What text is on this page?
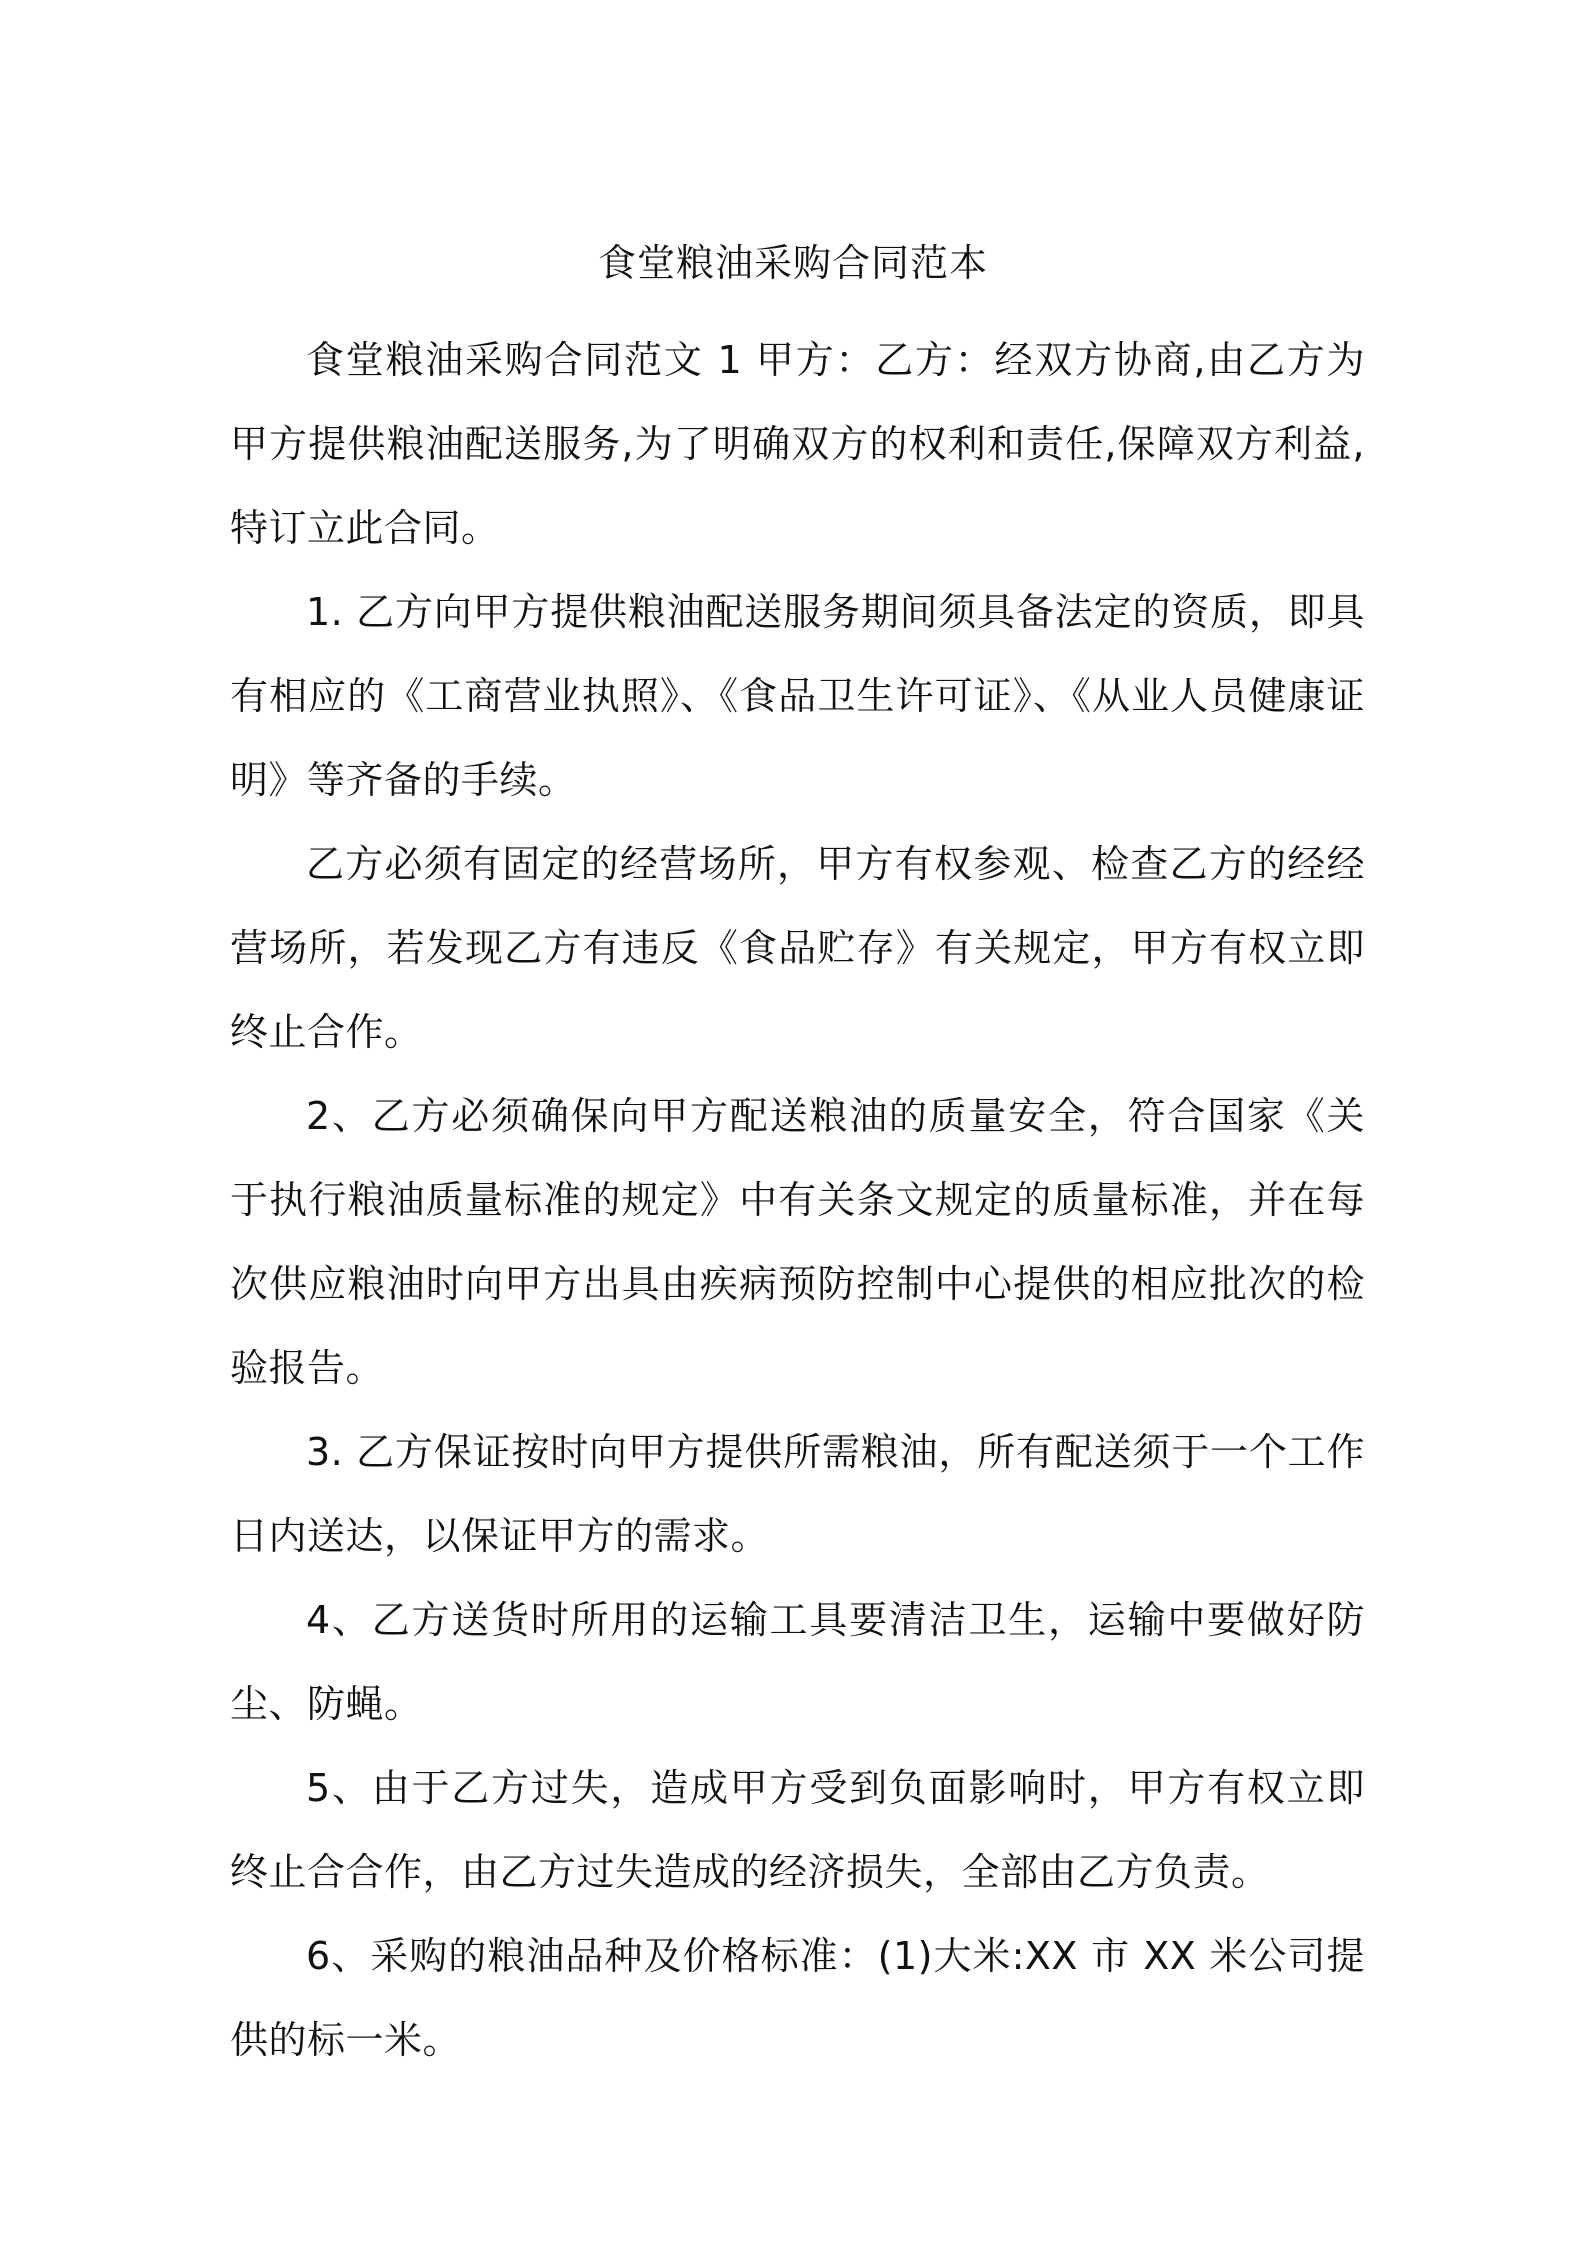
食堂粮油采购合同范本

食堂粮油采购合同范文 1 甲方：乙方：经双方协商,由乙方为甲方提供粮油配送服务,为了明确双方的权利和责任,保障双方利益,特订立此合同。

1. 乙方向甲方提供粮油配送服务期间须具备法定的资质，即具有相应的《工商营业执照》、《食品卫生许可证》、《从业人员健康证明》等齐备的手续。

乙方必须有固定的经营场所，甲方有权参观、检查乙方的经经营场所，若发现乙方有违反《食品贮存》有关规定，甲方有权立即终止合作。

2、乙方必须确保向甲方配送粮油的质量安全，符合国家《关于执行粮油质量标准的规定》中有关条文规定的质量标准，并在每次供应粮油时向甲方出具由疾病预防控制中心提供的相应批次的检验报告。

3. 乙方保证按时向甲方提供所需粮油，所有配送须于一个工作日内送达，以保证甲方的需求。

4、乙方送货时所用的运输工具要清洁卫生，运输中要做好防尘、防蝇。

5、由于乙方过失，造成甲方受到负面影响时，甲方有权立即终止合合作，由乙方过失造成的经济损失，全部由乙方负责。

6、采购的粮油品种及价格标准：(1)大米:XX 市 XX 米公司提供的标一米。
